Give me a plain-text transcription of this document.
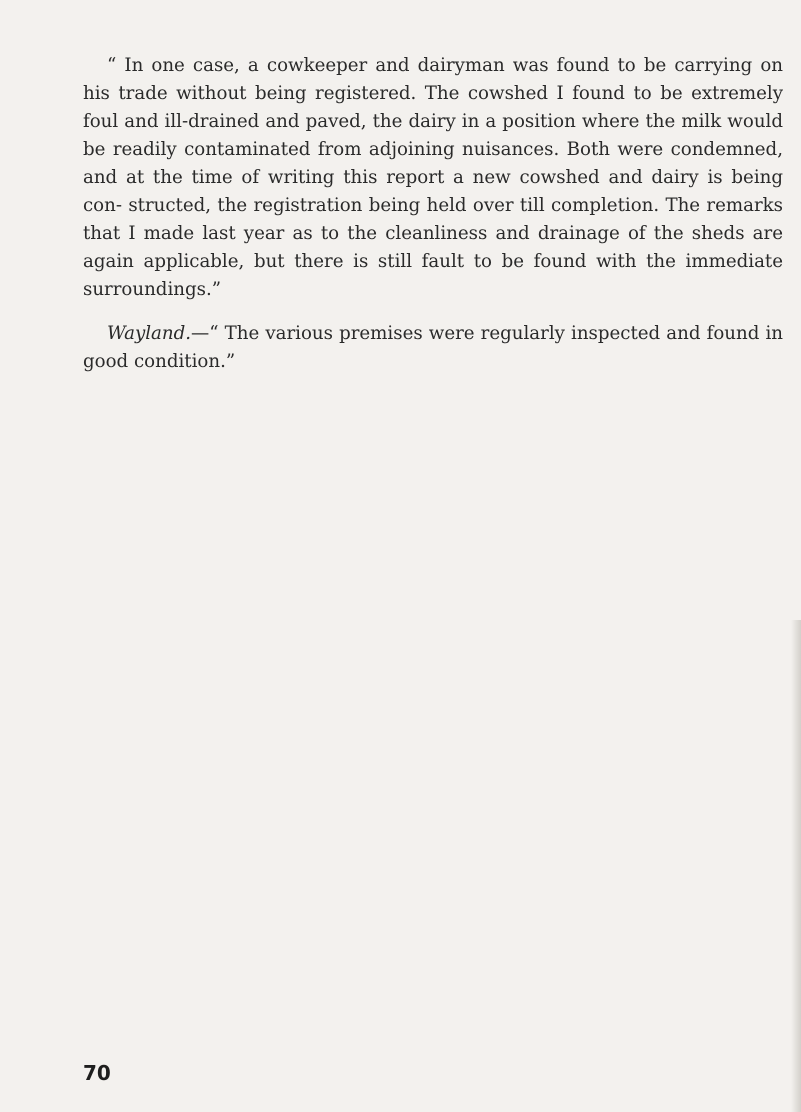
“ In one case, a cowkeeper and dairyman was found to be carrying on his trade without being registered. The cowshed I found to be extremely foul and ill-drained and paved, the dairy in a position where the milk would be readily contaminated from adjoining nuisances. Both were condemned, and at the time of writing this report a new cowshed and dairy is being con- structed, the registration being held over till completion. The remarks that I made last year as to the cleanliness and drainage of the sheds are again applicable, but there is still fault to be found with the immediate surroundings.”

Wayland.—“ The various premises were regularly inspected and found in good condition.”

70
